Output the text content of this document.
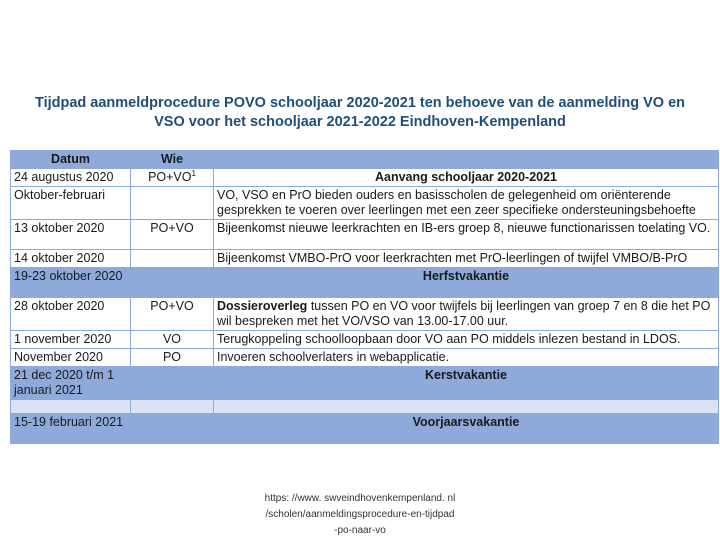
Tijdpad aanmeldprocedure POVO schooljaar 2020-2021 ten behoeve van de aanmelding VO en
VSO voor het schooljaar 2021-2022 Eindhoven-Kempenland
Datum	Wie	
24 augustus 2020	$PO+VO^1$	Aanvang schooljaar 2020-2021
Oktober-februari		VO, VSO en PrO bieden ouders en basisscholen de gelegenheid om oriënterende gesprekken te voeren over leerlingen met een zeer specifieke ondersteuningsbehoefte
13 oktober 2020	PO+VO	Bijeenkomst nieuwe leerkrachten en IB-ers groep 8, nieuwe functionarissen toelating VO.
14 oktober 2020		Bijeenkomst VMBO-PrO voor leerkrachten met PrO-leerlingen of twijfel VMBO/B-PrO
19-23 oktober 2020		Herfstvakantie
28 oktober 2020	PO+VO	Dossieroverleg tussen PO en VO voor twijfels bij leerlingen van groep 7 en 8 die het PO wil bespreken met het VO/VSO van 13.00-17.00 uur.
1 november 2020	VO	Terugkoppeling schoolloopbaan door VO aan PO middels inlezen bestand in LDOS.
November 2020	PO	Invoeren schoolverlaters in webapplicatie.
21 dec 2020 t/m 1 januari 2021		Kerstvakantie

15-19 februari 2021		Voorjaarsvakantie
https: //www. swveindhovenkempenland. nl
/scholen/aanmeldingsprocedure-en-tijdpad
-po-naar-vo
